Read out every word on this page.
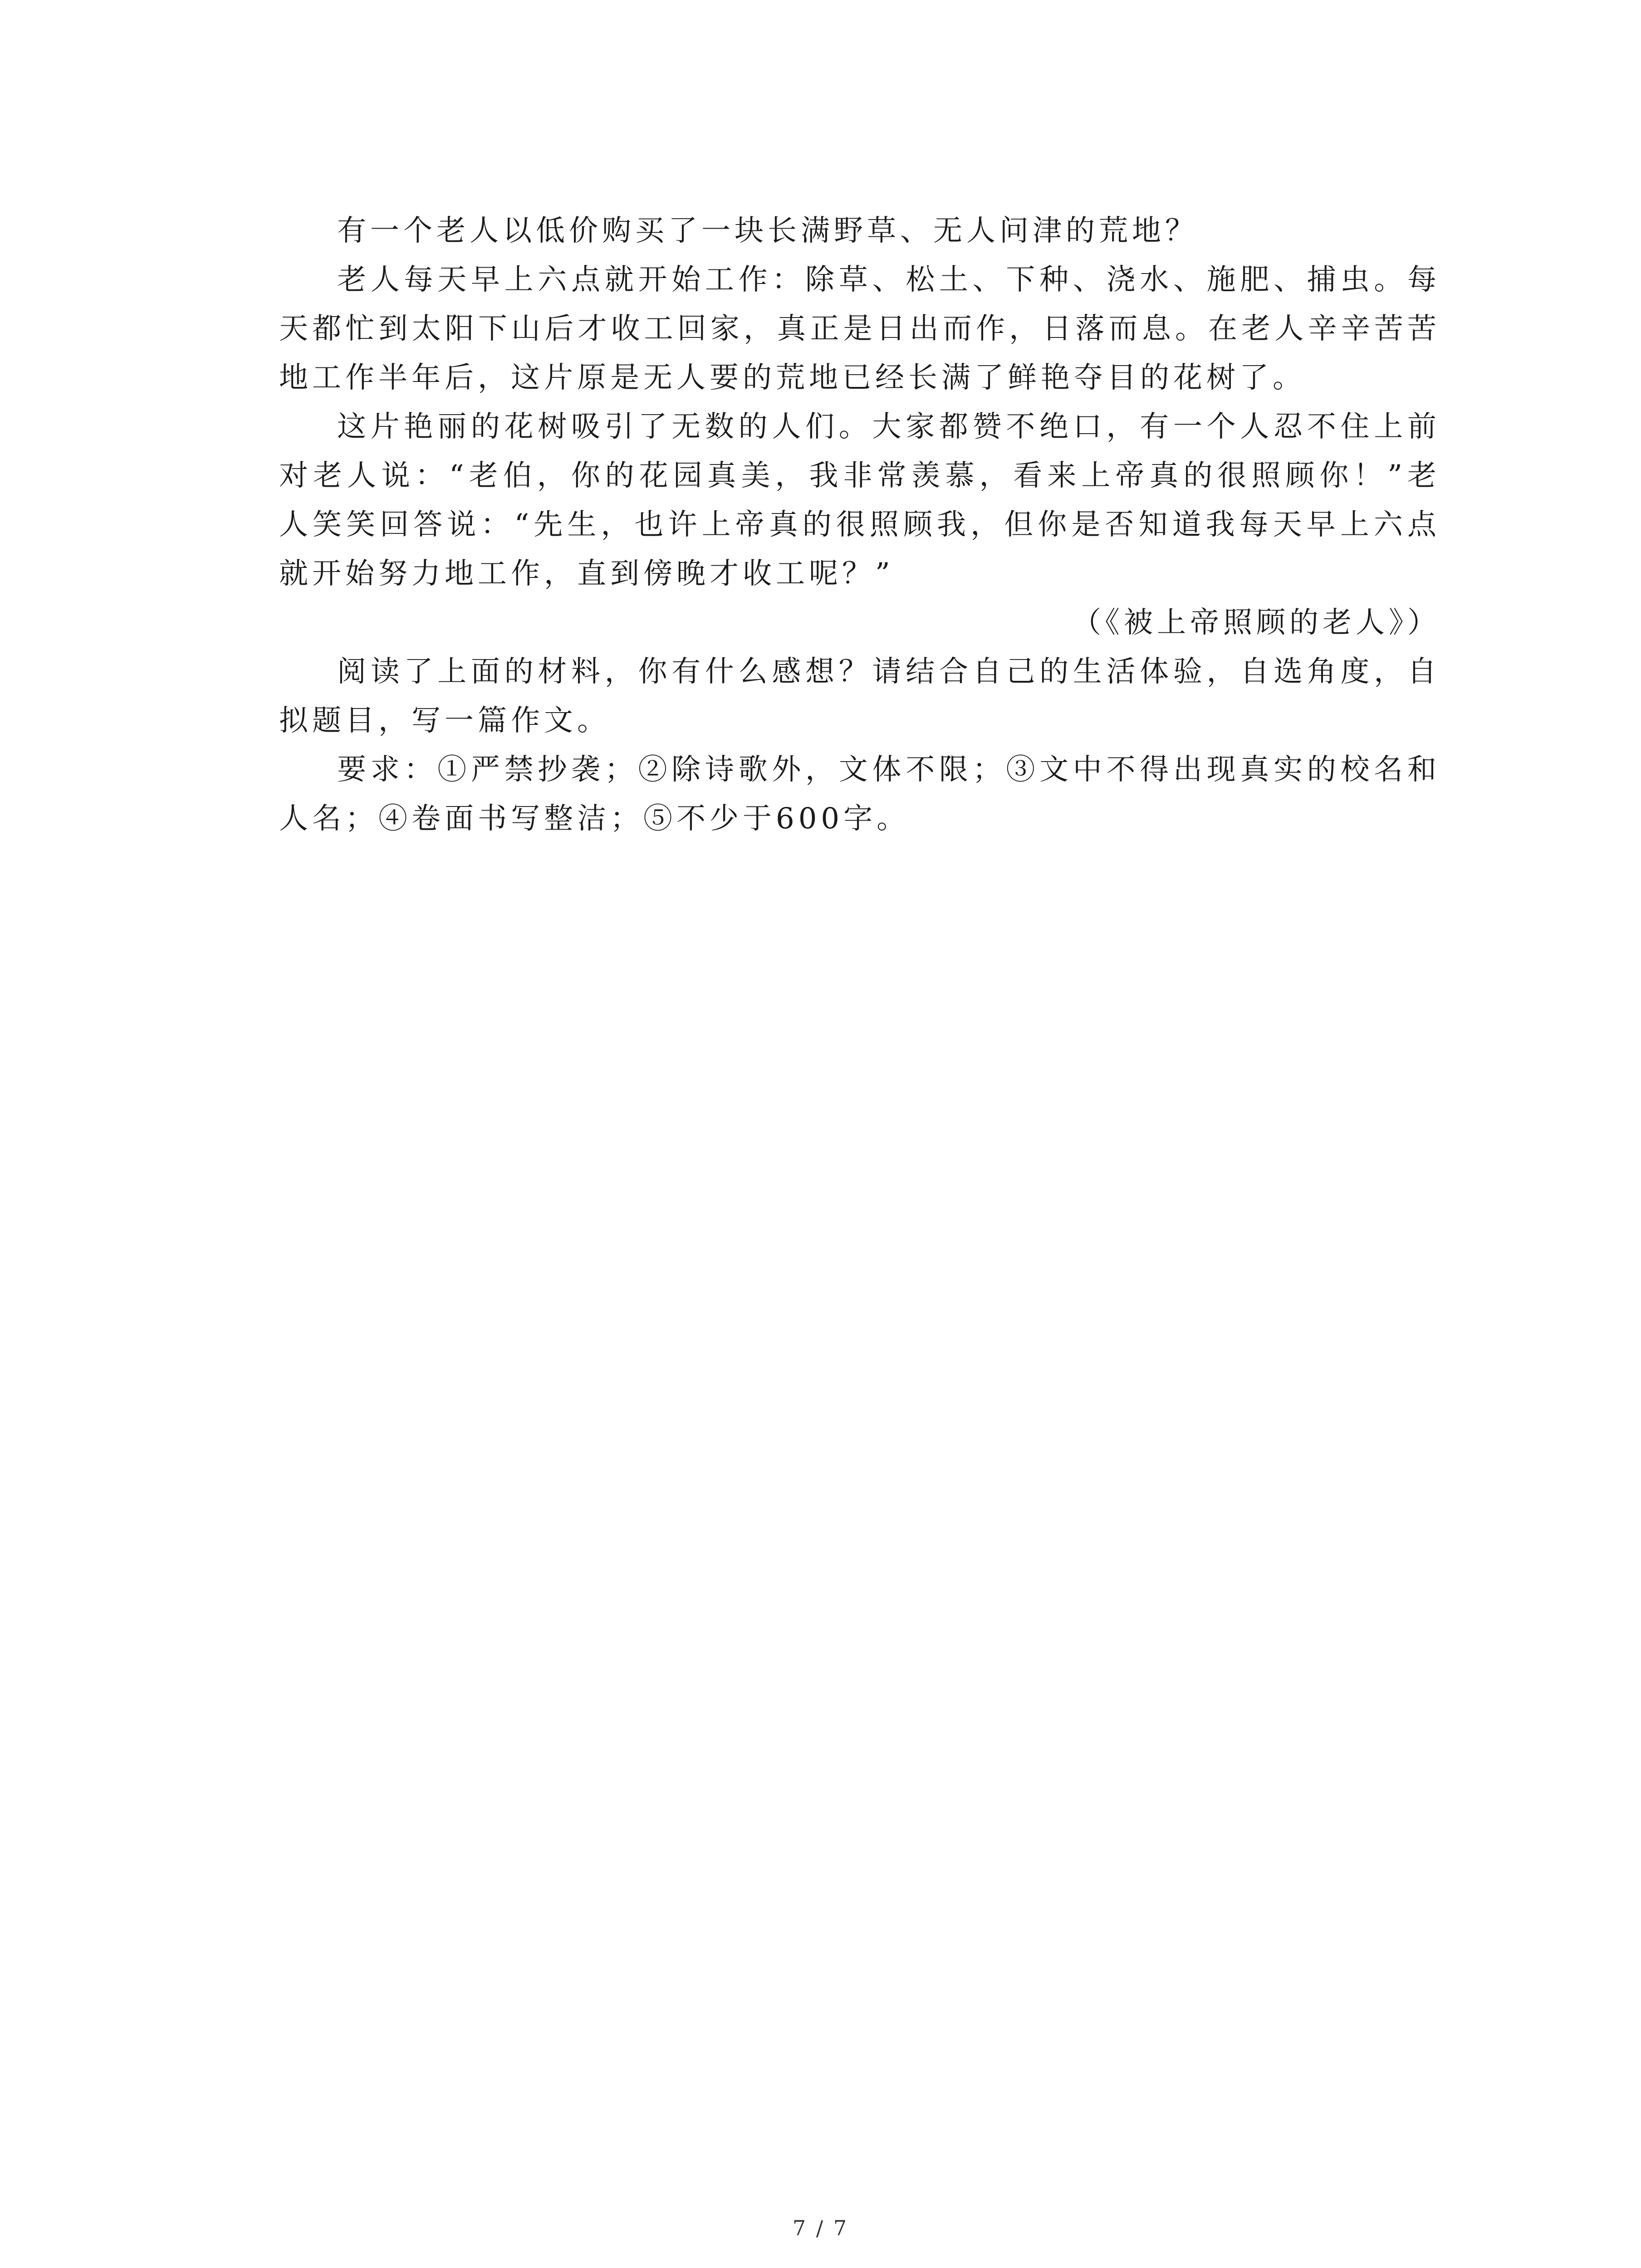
有一个老人以低价购买了一块长满野草、无人问津的荒地？

老人每天早上六点就开始工作：除草、松土、下种、浇水、施肥、捕虫。每天都忙到太阳下山后才收工回家，真正是日出而作，日落而息。在老人辛辛苦苦地工作半年后，这片原是无人要的荒地已经长满了鲜艳夺目的花树了。

这片艳丽的花树吸引了无数的人们。大家都赞不绝口，有一个人忍不住上前对老人说：“老伯，你的花园真美，我非常羡慕，看来上帝真的很照顾你！”老人笑笑回答说：“先生，也许上帝真的很照顾我，但你是否知道我每天早上六点就开始努力地工作，直到傍晚才收工呢？”

（《被上帝照顾的老人》）

阅读了上面的材料，你有什么感想？请结合自己的生活体验，自选角度，自拟题目，写一篇作文。

要求：①严禁抄袭；②除诗歌外，文体不限；③文中不得出现真实的校名和人名；④卷面书写整洁；⑤不少于600字。

7 / 7
